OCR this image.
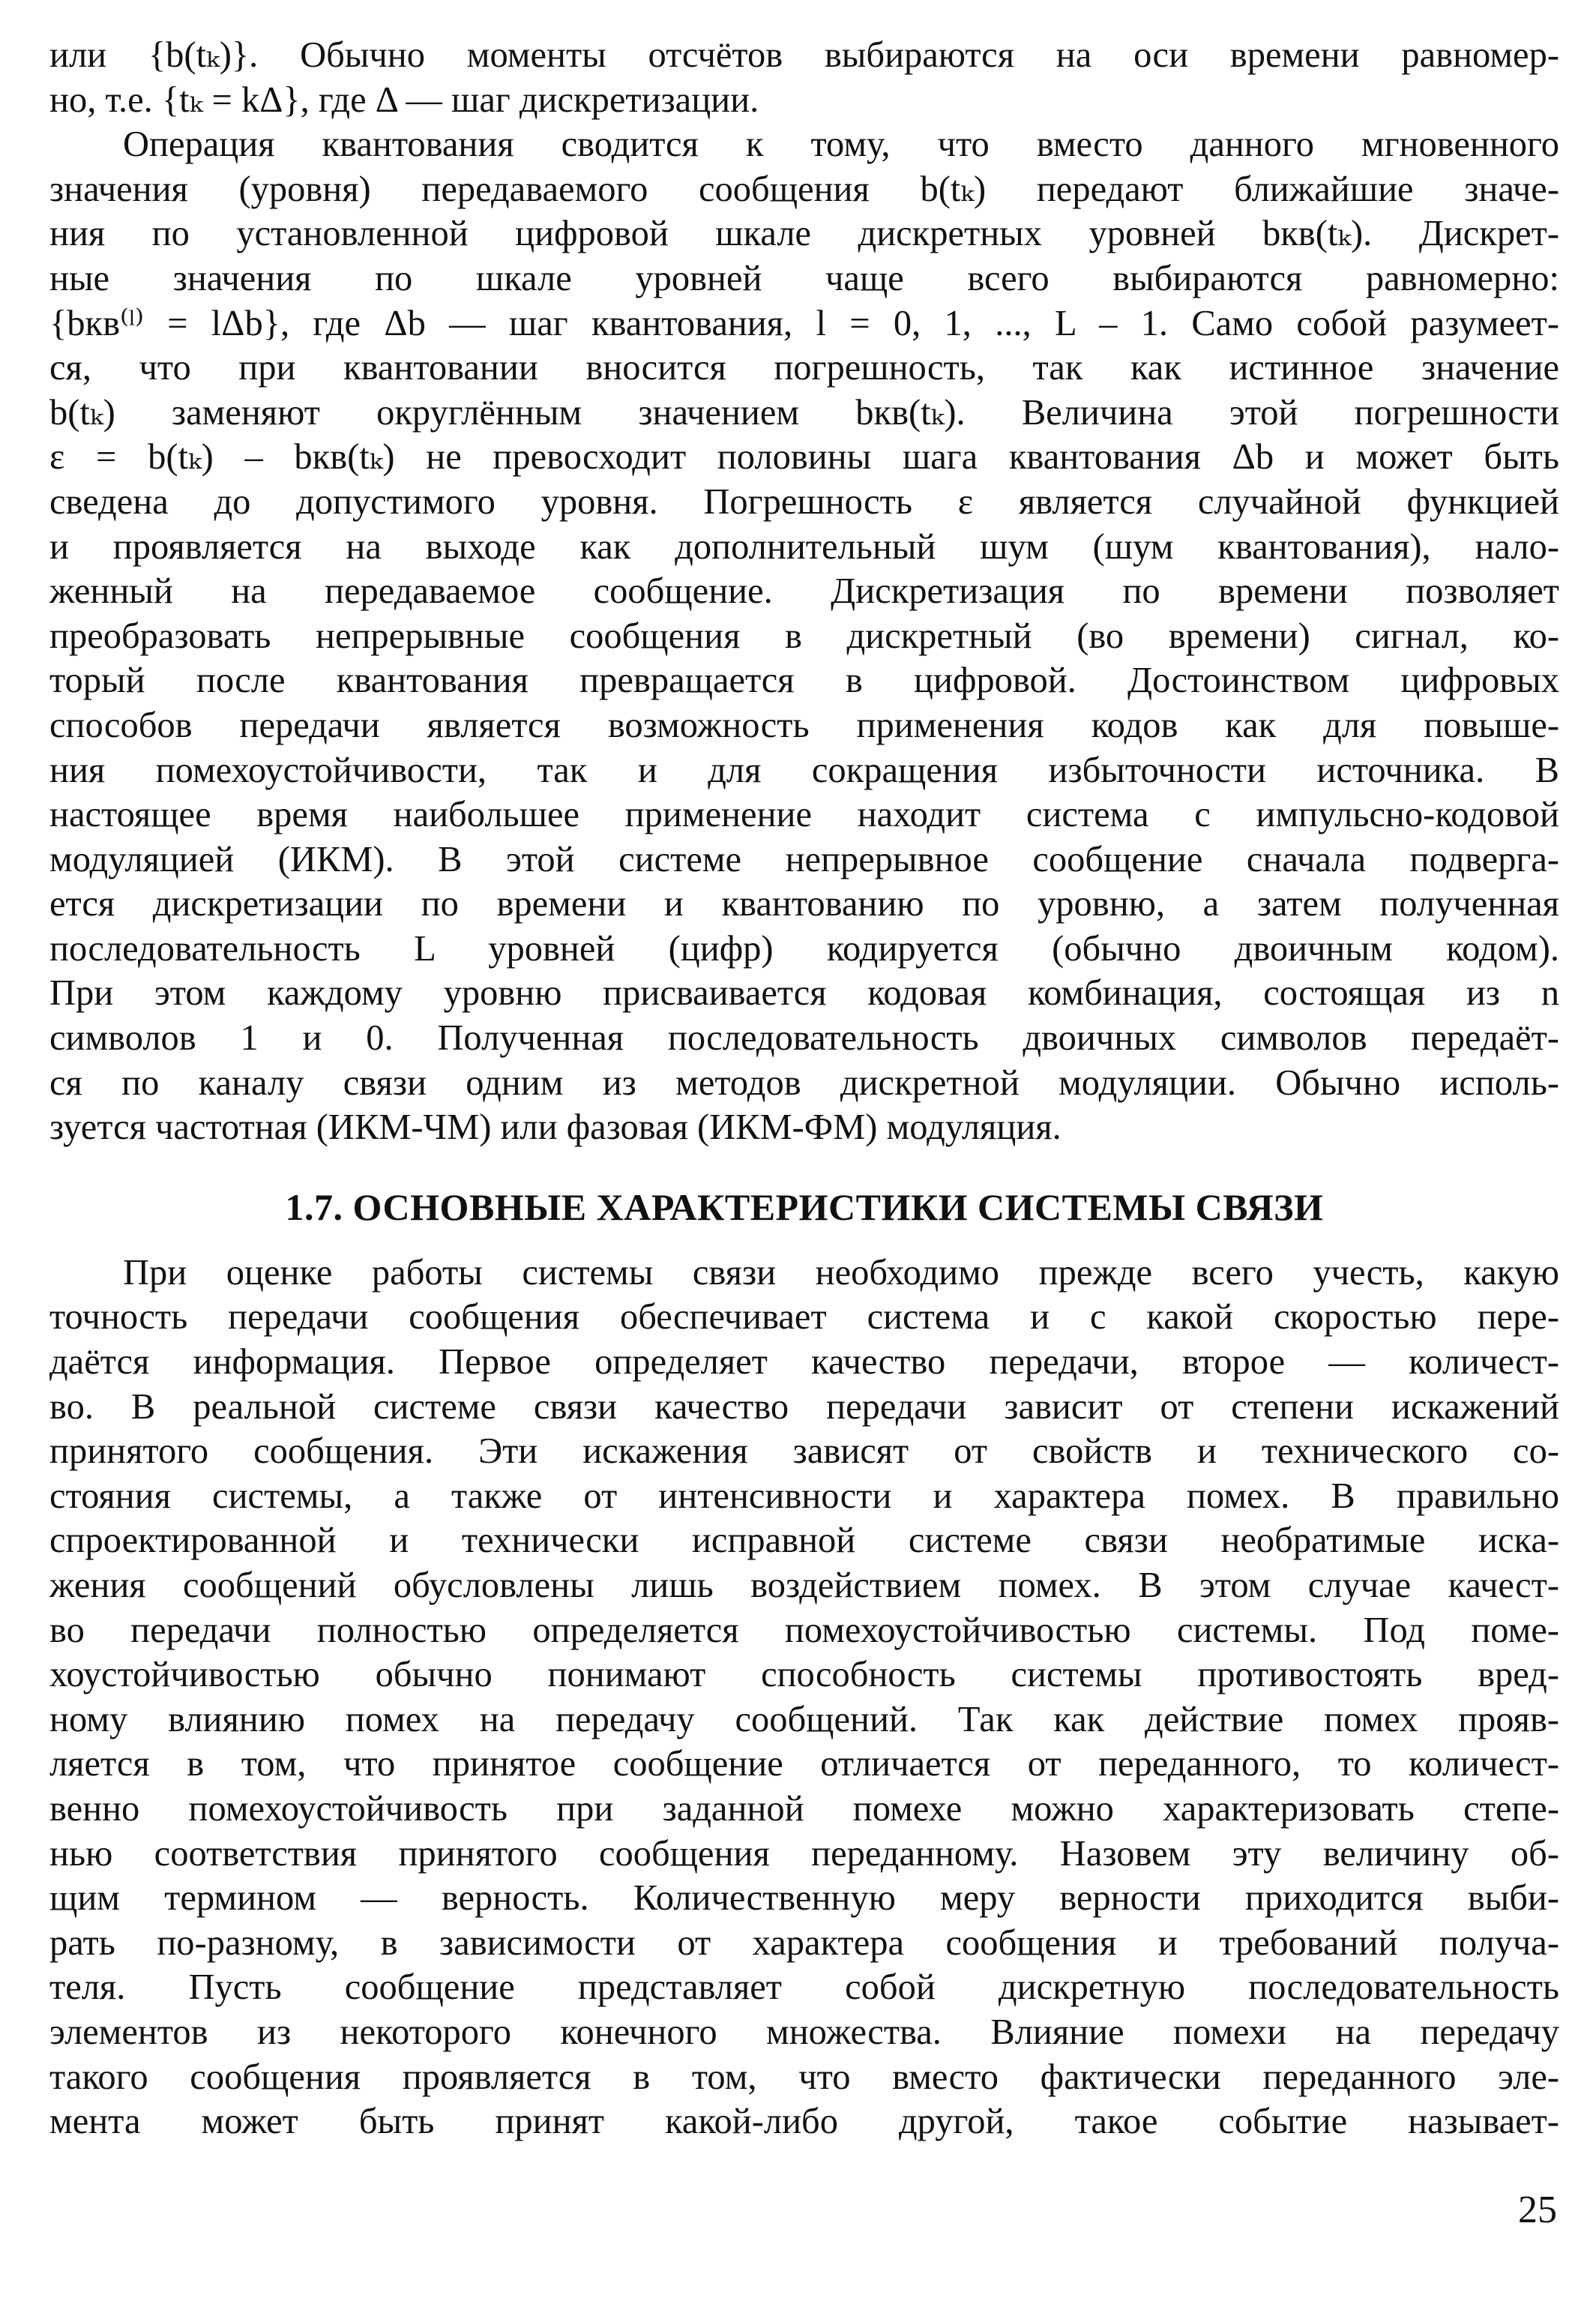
или {b(tₖ)}. Обычно моменты отсчётов выбираются на оси времени равномер-
но, т.е. {tₖ = kΔ}, где Δ — шаг дискретизации.
Операция квантования сводится к тому, что вместо данного мгновенного
значения (уровня) передаваемого сообщения b(tₖ) передают ближайшие значе-
ния по установленной цифровой шкале дискретных уровней bкв(tₖ). Дискрет-
ные значения по шкале уровней чаще всего выбираются равномерно:
{bкв⁽ˡ⁾ = lΔb}, где Δb — шаг квантования, l = 0, 1, ..., L – 1. Само собой разумеет-
ся, что при квантовании вносится погрешность, так как истинное значение
b(tₖ) заменяют округлённым значением bкв(tₖ). Величина этой погрешности
ε = b(tₖ) – bкв(tₖ) не превосходит половины шага квантования Δb и может быть
сведена до допустимого уровня. Погрешность ε является случайной функцией
и проявляется на выходе как дополнительный шум (шум квантования), нало-
женный на передаваемое сообщение. Дискретизация по времени позволяет
преобразовать непрерывные сообщения в дискретный (во времени) сигнал, ко-
торый после квантования превращается в цифровой. Достоинством цифровых
способов передачи является возможность применения кодов как для повыше-
ния помехоустойчивости, так и для сокращения избыточности источника. В
настоящее время наибольшее применение находит система с импульсно-кодовой
модуляцией (ИКМ). В этой системе непрерывное сообщение сначала подверга-
ется дискретизации по времени и квантованию по уровню, а затем полученная
последовательность L уровней (цифр) кодируется (обычно двоичным кодом).
При этом каждому уровню присваивается кодовая комбинация, состоящая из n
символов 1 и 0. Полученная последовательность двоичных символов передаёт-
ся по каналу связи одним из методов дискретной модуляции. Обычно исполь-
зуется частотная (ИКМ-ЧМ) или фазовая (ИКМ-ФМ) модуляция.
1.7. ОСНОВНЫЕ ХАРАКТЕРИСТИКИ СИСТЕМЫ СВЯЗИ
При оценке работы системы связи необходимо прежде всего учесть, какую
точность передачи сообщения обеспечивает система и с какой скоростью пере-
даётся информация. Первое определяет качество передачи, второе — количест-
во. В реальной системе связи качество передачи зависит от степени искажений
принятого сообщения. Эти искажения зависят от свойств и технического со-
стояния системы, а также от интенсивности и характера помех. В правильно
спроектированной и технически исправной системе связи необратимые иска-
жения сообщений обусловлены лишь воздействием помех. В этом случае качест-
во передачи полностью определяется помехоустойчивостью системы. Под поме-
хоустойчивостью обычно понимают способность системы противостоять вред-
ному влиянию помех на передачу сообщений. Так как действие помех прояв-
ляется в том, что принятое сообщение отличается от переданного, то количест-
венно помехоустойчивость при заданной помехе можно характеризовать степе-
нью соответствия принятого сообщения переданному. Назовем эту величину об-
щим термином — верность. Количественную меру верности приходится выби-
рать по-разному, в зависимости от характера сообщения и требований получа-
теля. Пусть сообщение представляет собой дискретную последовательность
элементов из некоторого конечного множества. Влияние помехи на передачу
такого сообщения проявляется в том, что вместо фактически переданного эле-
мента может быть принят какой-либо другой, такое событие называет-
25
